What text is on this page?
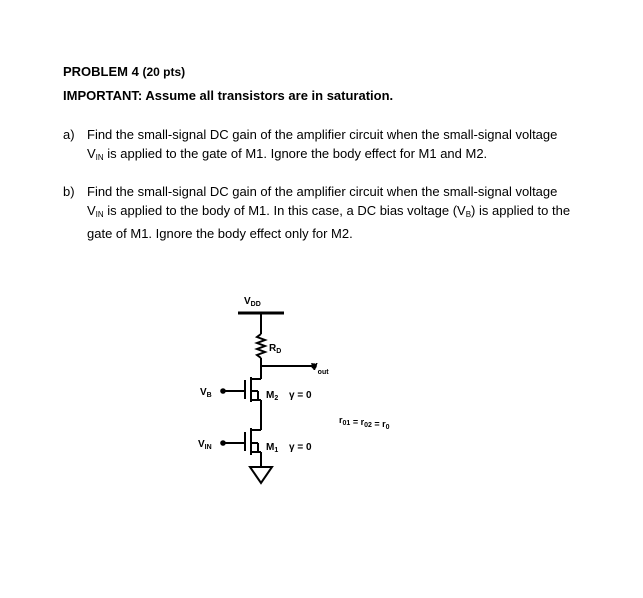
PROBLEM 4 (20 pts)
IMPORTANT: Assume all transistors are in saturation.
a) Find the small-signal DC gain of the amplifier circuit when the small-signal voltage
$V_{IN}$ is applied to the gate of M1. Ignore the body effect for M1 and M2.
b) Find the small-signal DC gain of the amplifier circuit when the small-signal voltage
$V_{IN}$ is applied to the body of M1. In this case, a DC bias voltage $(V_B)$ is applied to the
gate of M1. Ignore the body effect only for M2.
$V_{DD}$
$R_D$
$V_{out}$
$V_B$
$V_{IN}$
$M_2$
$M_1$
γ = 0
γ = 0
$r_{01} = r_{02} = r_0$
